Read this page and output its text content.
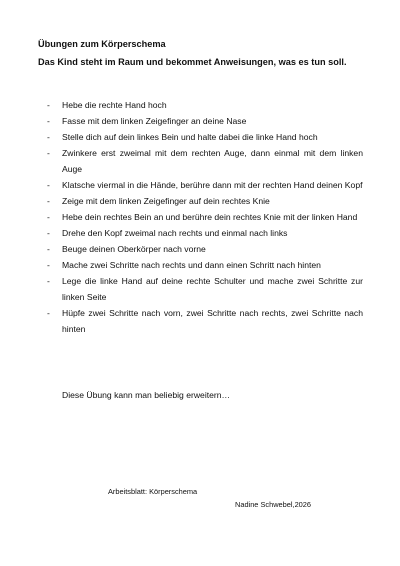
Übungen zum Körperschema
Das Kind steht im Raum und bekommet Anweisungen, was es tun soll.
-	Hebe die rechte Hand hoch
-	Fasse mit dem linken Zeigefinger an deine Nase
-	Stelle dich auf dein linkes Bein und halte dabei die linke Hand hoch
-	Zwinkere erst zweimal mit dem rechten Auge, dann einmal mit dem linken Auge
-	Klatsche viermal in die Hände, berühre dann mit der rechten Hand deinen Kopf
-	Zeige mit dem linken Zeigefinger auf dein rechtes Knie
-	Hebe dein rechtes Bein an und berühre dein rechtes Knie mit der linken Hand
-	Drehe den Kopf zweimal nach rechts und einmal nach links
-	Beuge deinen Oberkörper nach vorne
-	Mache zwei Schritte nach rechts und dann einen Schritt nach hinten
-	Lege die linke Hand auf deine rechte Schulter und mache zwei Schritte zur linken Seite
-	Hüpfe zwei Schritte nach vorn, zwei Schritte nach rechts, zwei Schritte nach hinten
Diese Übung kann man beliebig erweitern…
Arbeitsblatt: Körperschema
Nadine Schwebel,2026
